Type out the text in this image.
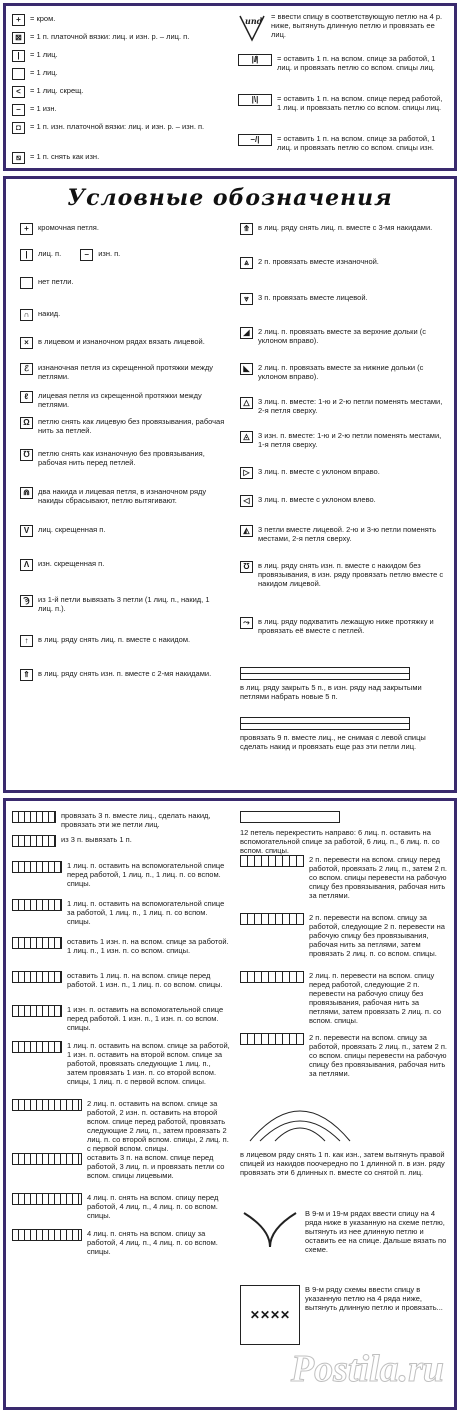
+	= кром.
⊠	= 1 п. платочной вязки: лиц. и изн. р. – лиц. п.
|	= 1 лиц.
= 1 лиц.
<	= 1 лиц. скрещ.
–	= 1 изн.
◘	= 1 п. изн. платочной вязки: лиц. и изн. р. – изн. п.
⧅	= 1 п. снять как изн.
und = ввести спицу в соответствующую петлю на 4 р. ниже, вытянуть длинную петлю и провязать ее лиц.
|/̸|	= оставить 1 п. на вспом. спице за работой, 1 лиц. и провязать петлю со вспом. спицы лиц.
|\|	= оставить 1 п. на вспом. спице перед работой, 1 лиц. и провязать петлю со вспом. спицы лиц.
–/|	= оставить 1 п. на вспом. спице за работой, 1 лиц. и провязать петлю со вспом. спицы изн.
Условные обозначения
+	кромочная петля.
|	лиц. п.	–	изн. п.
нет петли.
∩	накид.
×	в лицевом и изнаночном рядах вязать лицевой.
ℰ	изнаночная петля из скрещенной протяжки между петлями.
ℓ	лицевая петля из скрещенной протяжки между петлями.
Ω	петлю снять как лицевую без провязывания, рабочая нить за петлей.
℧	петлю снять как изнаночную без провязывания, рабочая нить перед петлей.
⋒	два накида и лицевая петля, в изнаночном ряду накиды сбрасывают, петлю вытягивают.
V	лиц. скрещенная п.
Λ	изн. скрещенная п.
Ϡ	из 1-й петли вывязать 3 петли (1 лиц. п., накид, 1 лиц. п.).
↑	в лиц. ряду снять лиц. п. вместе с накидом.
⇑	в лиц. ряду снять изн. п. вместе с 2-мя накидами.
⤊	в лиц. ряду снять лиц. п. вместе с 3-мя накидами.
⩓	2 п. провязать вместе изнаночной.
⩔	3 п. провязать вместе лицевой.
◢	2 лиц. п. провязать вместе за верхние дольки (с уклоном вправо).
◣	2 лиц. п. провязать вместе за нижние дольки (с уклоном вправо).
△	3 лиц. п. вместе: 1-ю и 2-ю петли поменять местами, 2-я петля сверху.
◬	3 изн. п. вместе: 1-ю и 2-ю петли поменять местами, 1-я петля сверху.
▷	3 лиц. п. вместе с уклоном вправо.
◁	3 лиц. п. вместе с уклоном влево.
◭	3 петли вместе лицевой. 2-ю и 3-ю петли поменять местами, 2-я петля сверху.
Ʊ	в лиц. ряду снять изн. п. вместе с накидом без провязывания, в изн. ряду провязать петлю вместе с накидом лицевой.
⤳	в лиц. ряду подхватить лежащую ниже протяжку и провязать её вместе с петлей.
в лиц. ряду закрыть 5 п., в изн. ряду над закрытыми петлями набрать новые 5 п.
провязать 9 п. вместе лиц., не снимая с левой спицы сделать накид и провязать еще раз эти петли лиц.
провязать 3 п. вместе лиц., сделать накид, провязать эти же петли лиц.
из 3 п. вывязать 1 п.
1 лиц. п. оставить на вспомогательной спице перед работой, 1 лиц. п., 1 лиц. п. со вспом. спицы.
1 лиц. п. оставить на вспомогательной спице за работой, 1 лиц. п., 1 лиц. п. со вспом. спицы.
оставить 1 изн. п. на вспом. спице за работой. 1 лиц. п., 1 изн. п. со вспом. спицы.
оставить 1 лиц. п. на вспом. спице перед работой. 1 изн. п., 1 лиц. п. со вспом. спицы.
1 изн. п. оставить на вспомогательной спице перед работой. 1 изн. п., 1 изн. п. со вспом. спицы.
1 лиц. п. оставить на вспом. спице за работой, 1 изн. п. оставить на второй вспом. спице за работой, провязать следующие 1 лиц. п., затем провязать 1 изн. п. со второй вспом. спицы, 1 лиц. п. с первой вспом. спицы.
2 лиц. п. оставить на вспом. спице за работой, 2 изн. п. оставить на второй вспом. спице перед работой, провязать следующие 2 лиц. п., затем провязать 2 лиц. п. со второй вспом. спицы, 2 лиц. п. с первой вспом. спицы.
оставить 3 п. на вспом. спице перед работой, 3 лиц. п. и провязать петли со вспом. спицы лицевыми.
4 лиц. п. снять на вспом. спицу перед работой, 4 лиц. п., 4 лиц. п. со вспом. спицы.
4 лиц. п. снять на вспом. спицу за работой, 4 лиц. п., 4 лиц. п. со вспом. спицы.
12 петель перекрестить направо: 6 лиц. п. оставить на вспомогательной спице за работой, 6 лиц. п., 6 лиц. п. со вспом. спицы.
2 п. перевести на вспом. спицу перед работой, провязать 2 лиц. п., затем 2 п. со вспом. спицы перевести на рабочую спицу без провязывания, рабочая нить за петлями.
2 п. перевести на вспом. спицу за работой, следующие 2 п. перевести на рабочую спицу без провязывания, рабочая нить за петлями, затем провязать 2 лиц. п. со вспом. спицы.
2 лиц. п. перевести на вспом. спицу перед работой, следующие 2 п. перевести на рабочую спицу без провязывания, рабочая нить за петлями, затем провязать 2 лиц. п. со вспом. спицы.
2 п. перевести на вспом. спицу за работой, провязать 2 лиц. п., затем 2 п. со вспом. спицы перевести на рабочую спицу без провязывания, рабочая нить за петлями.
в лицевом ряду снять 1 п. как изн., затем вытянуть правой спицей из накидов поочередно по 1 длинной п. в изн. ряду провязать эти 6 длинных п. вместе со снятой п. лиц.
В 9-м и 19-м рядах ввести спицу на 4 ряда ниже в указанную на схеме петлю, вытянуть из нее длинную петлю и оставить ее на спице. Дальше вязать по схеме.
✕✕✕✕
В 9-м ряду схемы ввести спицу в указанную петлю на 4 ряда ниже, вытянуть длинную петлю и провязать...
Postila.ru
